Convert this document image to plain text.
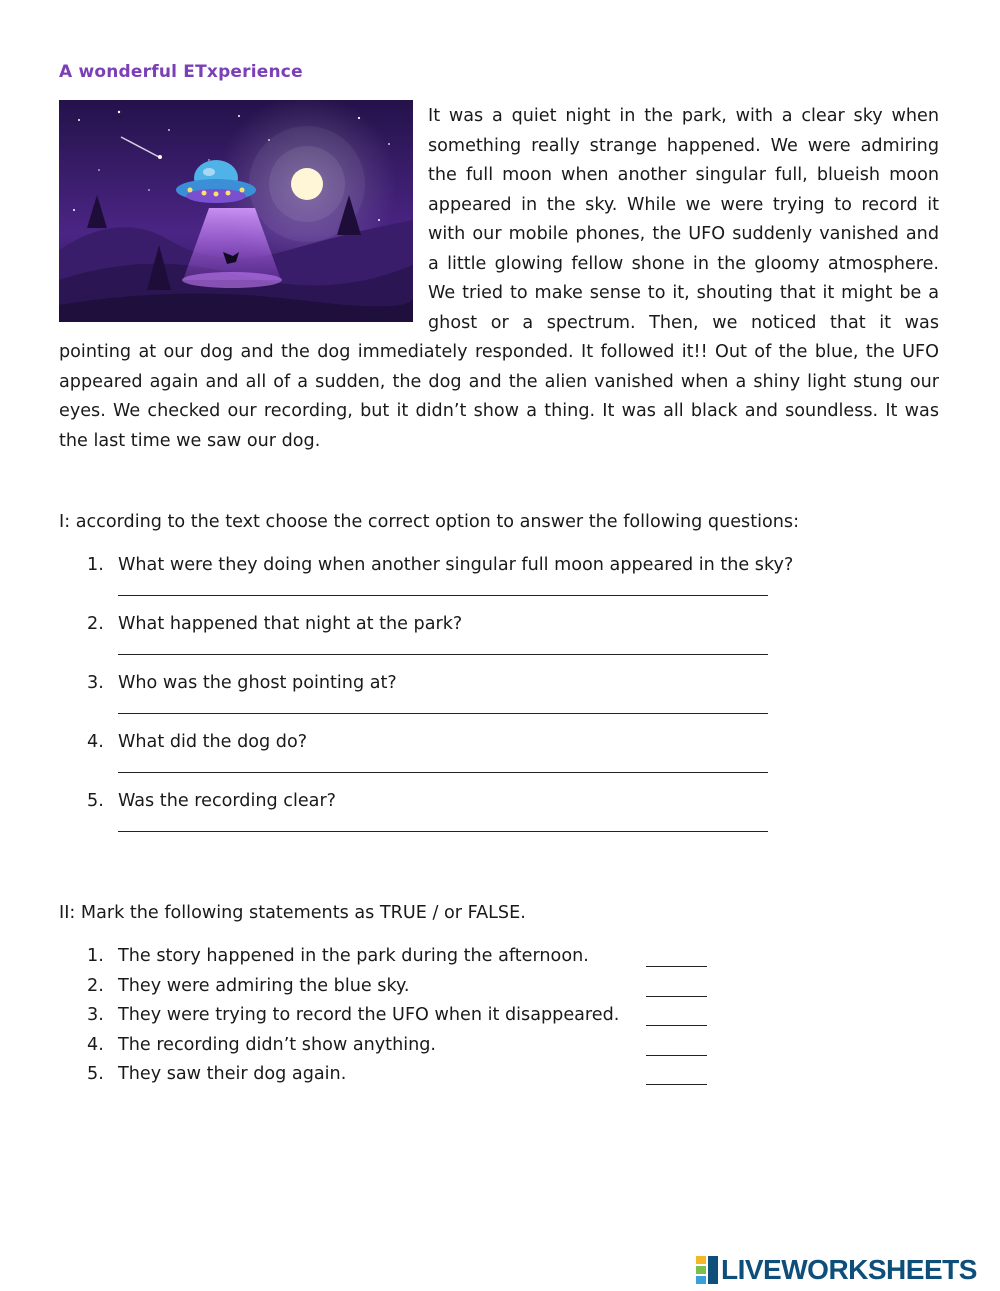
A wonderful ETxperience

It was a quiet night in the park, with a clear sky when something really strange happened. We were admiring the full moon when another singular full, blueish moon appeared in the sky. While we were trying to record it with our mobile phones, the UFO suddenly vanished and a little glowing fellow shone in the gloomy atmosphere. We tried to make sense to it, shouting that it might be a ghost or a spectrum. Then, we noticed that it was pointing at our dog and the dog immediately responded. It followed it!! Out of the blue, the UFO appeared again and all of a sudden, the dog and the alien vanished when a shiny light stung our eyes. We checked our recording, but it didn’t show a thing. It was all black and soundless. It was the last time we saw our dog.

I: according to the text choose the correct option to answer the following questions:

1. What were they doing when another singular full moon appeared in the sky?
2. What happened that night at the park?
3. Who was the ghost pointing at?
4. What did the dog do?
5. Was the recording clear?

II: Mark the following statements as TRUE / or FALSE.

1. The story happened in the park during the afternoon.
2. They were admiring the blue sky.
3. They were trying to record the UFO when it disappeared.
4. The recording didn’t show anything.
5. They saw their dog again.
LIVEWORKSHEETS
